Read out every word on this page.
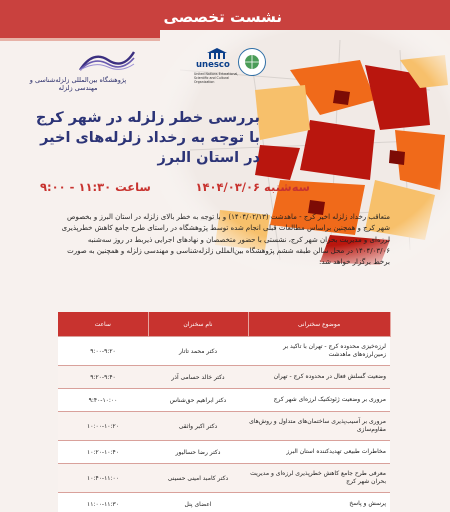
نشست تخصصی
پژوهشگاه بین‌المللی زلزله‌شناسی و مهندسی زلزله
unesco
United Nations Educational, Scientific and Cultural Organization
بررسی خطر زلزله در شهر کرج
با توجه به رخداد زلزله‌های اخیر
در استان البرز
سه‌شنبه ۱۴۰۴/۰۳/۰۶
ساعت ۱۱:۳۰ - ۹:۰۰
متعاقب رخداد زلزله اخیر کرج - ماهدشت (۱۴۰۴/۰۲/۱۳) و با توجه به خطر بالای زلزله در استان البرز و بخصوص شهر کرج و همچنین براساس مطالعات قبلی انجام شده توسط پژوهشگاه در راستای طرح جامع کاهش خطرپذیری لرزه‌ای و مدیریت بحران شهر کرج، نشستی با حضور متخصصان و نهادهای اجرایی ذیربط در روز سه‌شنبه ۱۴۰۴/۰۳/۰۶ در محل سالن طبقه ششم پژوهشگاه بین‌المللی زلزله‌شناسی و مهندسی زلزله و همچنین به صورت برخط برگزار خواهد شد:
موضوع سخنرانی	نام سخنران	ساعت
لرزه‌خیزی محدوده کرج - تهران با تاکید بر زمین‌لرزه‌های ماهدشت	دکتر محمد تاتار	۹:۰۰-۹:۲۰
وضعیت گسلش فعال در محدوده کرج - تهران	دکتر خالد حسامی آذر	۹:۲۰-۹:۴۰
مروری بر وضعیت ژئوتکنیک لرزه‌ای شهر کرج	دکتر ابراهیم حق‌شناس	۹:۴۰-۱۰:۰۰
مروری بر آسیب‌پذیری ساختمان‌های متداول و روش‌های مقاوم‌سازی	دکتر اکبر واثقی	۱۰:۰۰-۱۰:۲۰
مخاطرات طبیعی تهدیدکننده استان البرز	دکتر رضا حسالیور	۱۰:۲۰-۱۰:۴۰
معرفی طرح جامع کاهش خطرپذیری لرزه‌ای و مدیریت بحران شهر کرج	دکتر کامبد امینی حسینی	۱۰:۴۰-۱۱:۰۰
پرسش و پاسخ	اعضای پنل	۱۱:۰۰-۱۱:۳۰
